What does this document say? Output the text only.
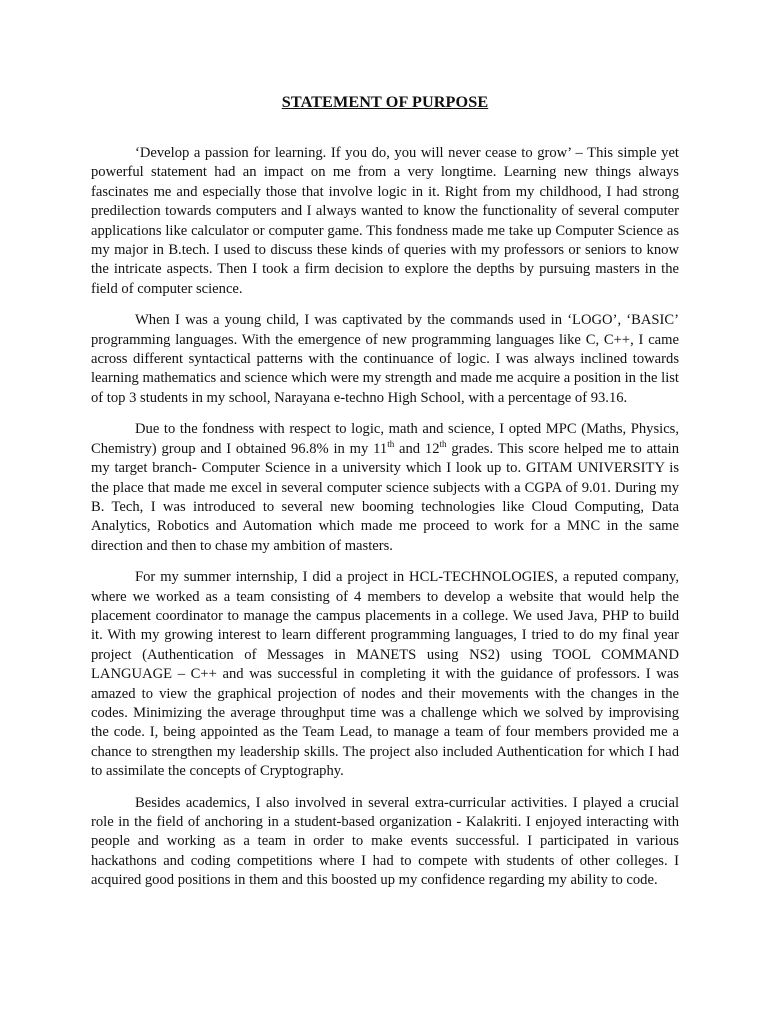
STATEMENT OF PURPOSE

‘Develop a passion for learning. If you do, you will never cease to grow’ – This simple yet powerful statement had an impact on me from a very longtime. Learning new things always fascinates me and especially those that involve logic in it. Right from my childhood, I had strong predilection towards computers and I always wanted to know the functionality of several computer applications like calculator or computer game. This fondness made me take up Computer Science as my major in B.tech. I used to discuss these kinds of queries with my professors or seniors to know the intricate aspects. Then I took a firm decision to explore the depths by pursuing masters in the field of computer science.

When I was a young child, I was captivated by the commands used in ‘LOGO’, ‘BASIC’ programming languages. With the emergence of new programming languages like C, C++, I came across different syntactical patterns with the continuance of logic. I was always inclined towards learning mathematics and science which were my strength and made me acquire a position in the list of top 3 students in my school, Narayana e-techno High School, with a percentage of 93.16.

Due to the fondness with respect to logic, math and science, I opted MPC (Maths, Physics, Chemistry) group and I obtained 96.8% in my 11th and 12th grades. This score helped me to attain my target branch- Computer Science in a university which I look up to. GITAM UNIVERSITY is the place that made me excel in several computer science subjects with a CGPA of 9.01. During my B. Tech, I was introduced to several new booming technologies like Cloud Computing, Data Analytics, Robotics and Automation which made me proceed to work for a MNC in the same direction and then to chase my ambition of masters.

For my summer internship, I did a project in HCL-TECHNOLOGIES, a reputed company, where we worked as a team consisting of 4 members to develop a website that would help the placement coordinator to manage the campus placements in a college. We used Java, PHP to build it. With my growing interest to learn different programming languages, I tried to do my final year project (Authentication of Messages in MANETS using NS2) using TOOL COMMAND LANGUAGE – C++ and was successful in completing it with the guidance of professors. I was amazed to view the graphical projection of nodes and their movements with the changes in the codes. Minimizing the average throughput time was a challenge which we solved by improvising the code. I, being appointed as the Team Lead, to manage a team of four members provided me a chance to strengthen my leadership skills. The project also included Authentication for which I had to assimilate the concepts of Cryptography.

Besides academics, I also involved in several extra-curricular activities. I played a crucial role in the field of anchoring in a student-based organization - Kalakriti. I enjoyed interacting with people and working as a team in order to make events successful. I participated in various hackathons and coding competitions where I had to compete with students of other colleges. I acquired good positions in them and this boosted up my confidence regarding my ability to code.
